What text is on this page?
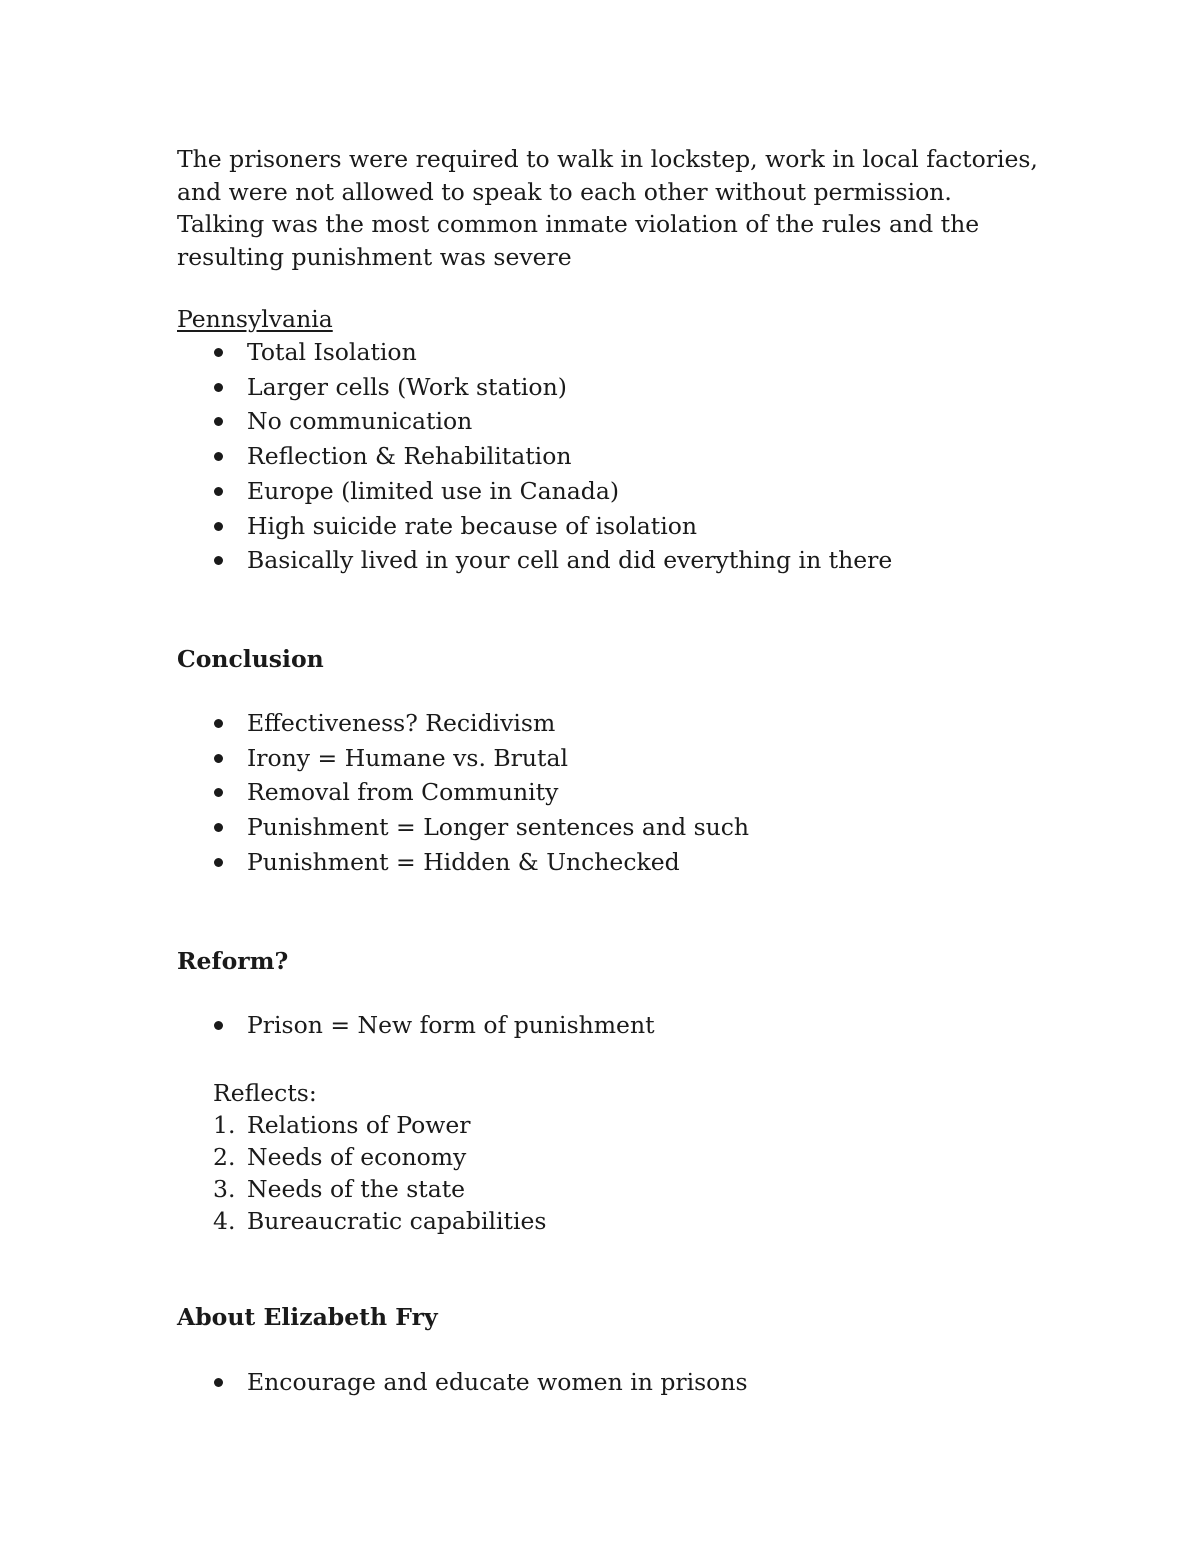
The prisoners were required to walk in lockstep, work in local factories,
and were not allowed to speak to each other without permission.
Talking was the most common inmate violation of the rules and the
resulting punishment was severe

Pennsylvania

Total Isolation
Larger cells (Work station)
No communication
Reflection & Rehabilitation
Europe (limited use in Canada)
High suicide rate because of isolation
Basically lived in your cell and did everything in there

Conclusion

Effectiveness? Recidivism
Irony = Humane vs. Brutal
Removal from Community
Punishment = Longer sentences and such
Punishment = Hidden & Unchecked

Reform?

Prison = New form of punishment

Reflects:

1. Relations of Power
2. Needs of economy
3. Needs of the state
4. Bureaucratic capabilities

About Elizabeth Fry

Encourage and educate women in prisons
